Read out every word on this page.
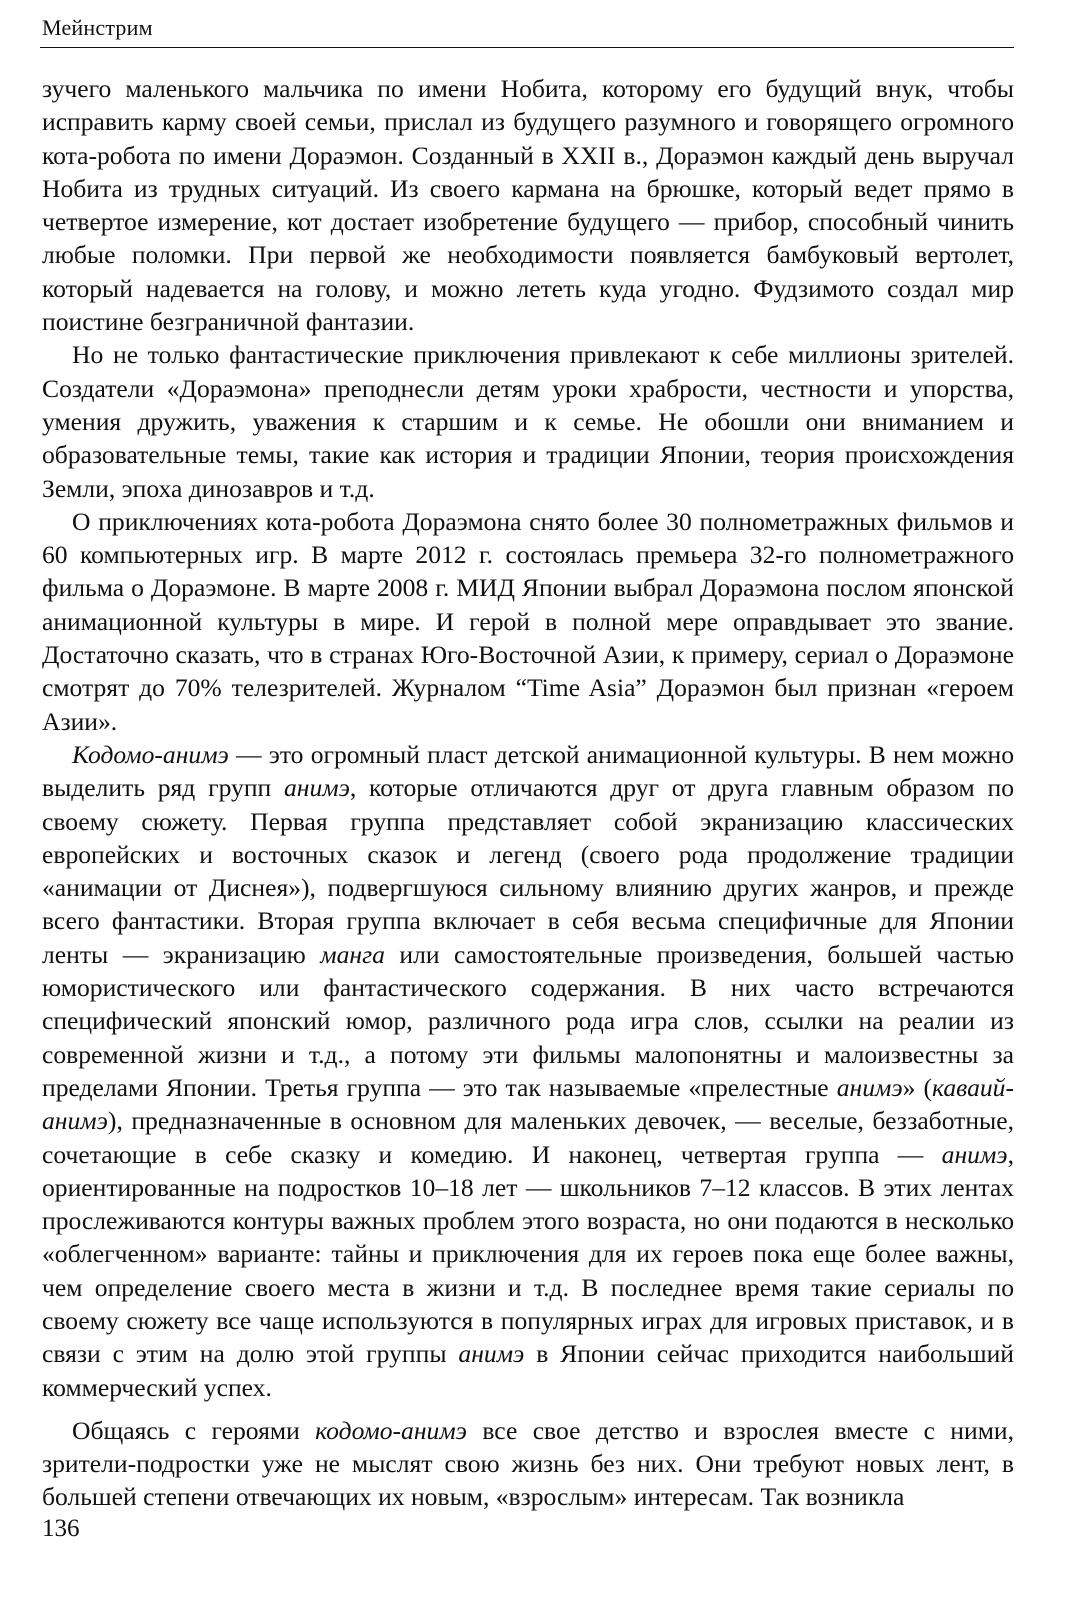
Мейнстрим

зучего маленького мальчика по имени Нобита, которому его будущий внук, чтобы исправить карму своей семьи, прислал из будущего разумного и говорящего огромного кота-робота по имени Дораэмон. Созданный в XXII в., Дораэмон каждый день выручал Нобита из трудных ситуаций. Из своего кармана на брюшке, который ведет прямо в четвертое измерение, кот достает изобретение будущего — прибор, способный чинить любые поломки. При первой же необходимости появляется бамбуковый вертолет, который надевается на голову, и можно лететь куда угодно. Фудзимото создал мир поистине безграничной фантазии.

Но не только фантастические приключения привлекают к себе миллионы зрителей. Создатели «Дораэмона» преподнесли детям уроки храбрости, честности и упорства, умения дружить, уважения к старшим и к семье. Не обошли они вниманием и образовательные темы, такие как история и традиции Японии, теория происхождения Земли, эпоха динозавров и т.д.

О приключениях кота-робота Дораэмона снято более 30 полнометражных фильмов и 60 компьютерных игр. В марте 2012 г. состоялась премьера 32-го полнометражного фильма о Дораэмоне. В марте 2008 г. МИД Японии выбрал Дораэмона послом японской анимационной культуры в мире. И герой в полной мере оправдывает это звание. Достаточно сказать, что в странах Юго-Восточной Азии, к примеру, сериал о Дораэмоне смотрят до 70% телезрителей. Журналом “Time Asia” Дораэмон был признан «героем Азии».

Кодомо-анимэ — это огромный пласт детской анимационной культуры. В нем можно выделить ряд групп анимэ, которые отличаются друг от друга главным образом по своему сюжету. Первая группа представляет собой экранизацию классических европейских и восточных сказок и легенд (своего рода продолжение традиции «анимации от Диснея»), подвергшуюся сильному влиянию других жанров, и прежде всего фантастики. Вторая группа включает в себя весьма специфичные для Японии ленты — экранизацию манга или самостоятельные произведения, большей частью юмористического или фантастического содержания. В них часто встречаются специфический японский юмор, различного рода игра слов, ссылки на реалии из современной жизни и т.д., а потому эти фильмы малопонятны и малоизвестны за пределами Японии. Третья группа — это так называемые «прелестные анимэ» (каваий-анимэ), предназначенные в основном для маленьких девочек, — веселые, беззаботные, сочетающие в себе сказку и комедию. И наконец, четвертая группа — анимэ, ориентированные на подростков 10–18 лет — школьников 7–12 классов. В этих лентах прослеживаются контуры важных проблем этого возраста, но они подаются в несколько «облегченном» варианте: тайны и приключения для их героев пока еще более важны, чем определение своего места в жизни и т.д. В последнее время такие сериалы по своему сюжету все чаще используются в популярных играх для игровых приставок, и в связи с этим на долю этой группы анимэ в Японии сейчас приходится наибольший коммерческий успех.

Общаясь с героями кодомо-анимэ все свое детство и взрослея вместе с ними, зрители-подростки уже не мыслят свою жизнь без них. Они требуют новых лент, в большей степени отвечающих их новым, «взрослым» интересам. Так возникла

136
